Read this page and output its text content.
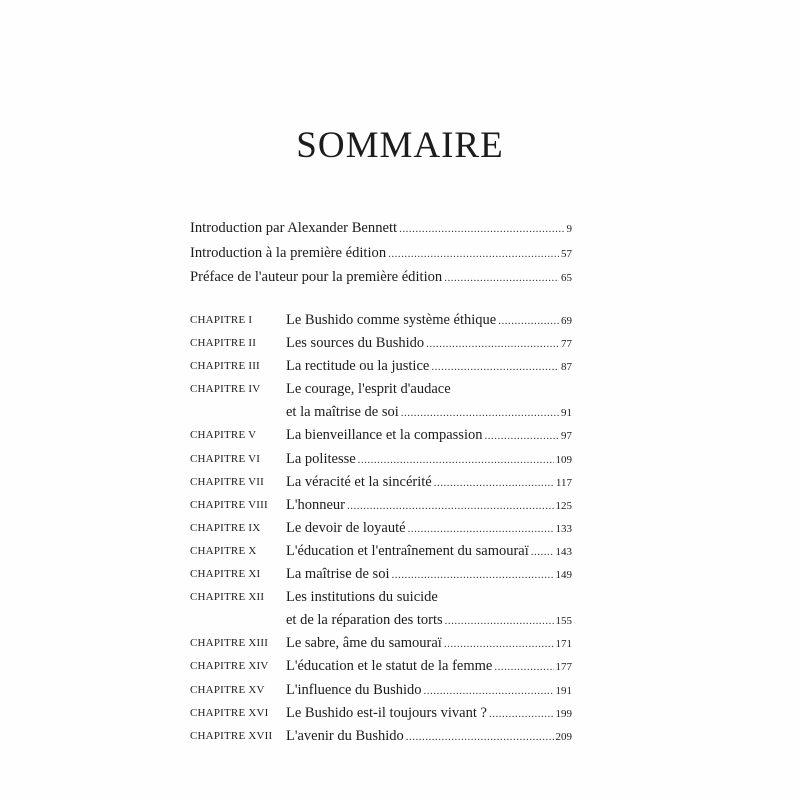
SOMMAIRE
Introduction par Alexander Bennett .....	9
Introduction à la première édition .....	57
Préface de l'auteur pour la première édition .....	65
CHAPITRE I	Le Bushido comme système éthique .....	69
CHAPITRE II	Les sources du Bushido .....	77
CHAPITRE III	La rectitude ou la justice .....	87
CHAPITRE IV	Le courage, l'esprit d'audace
et la maîtrise de soi .....	91
CHAPITRE V	La bienveillance et la compassion .....	97
CHAPITRE VI	La politesse .....	109
CHAPITRE VII	La véracité et la sincérité .....	117
CHAPITRE VIII	L'honneur .....	125
CHAPITRE IX	Le devoir de loyauté .....	133
CHAPITRE X	L'éducation et l'entraînement du samouraï ..... 143
CHAPITRE XI	La maîtrise de soi .....	149
CHAPITRE XII	Les institutions du suicide
et de la réparation des torts .....	155
CHAPITRE XIII	Le sabre, âme du samouraï .....	171
CHAPITRE XIV	L'éducation et le statut de la femme .....	177
CHAPITRE XV	L'influence du Bushido .....	191
CHAPITRE XVI	Le Bushido est-il toujours vivant ? .....	199
CHAPITRE XVII L'avenir du Bushido .....	209
